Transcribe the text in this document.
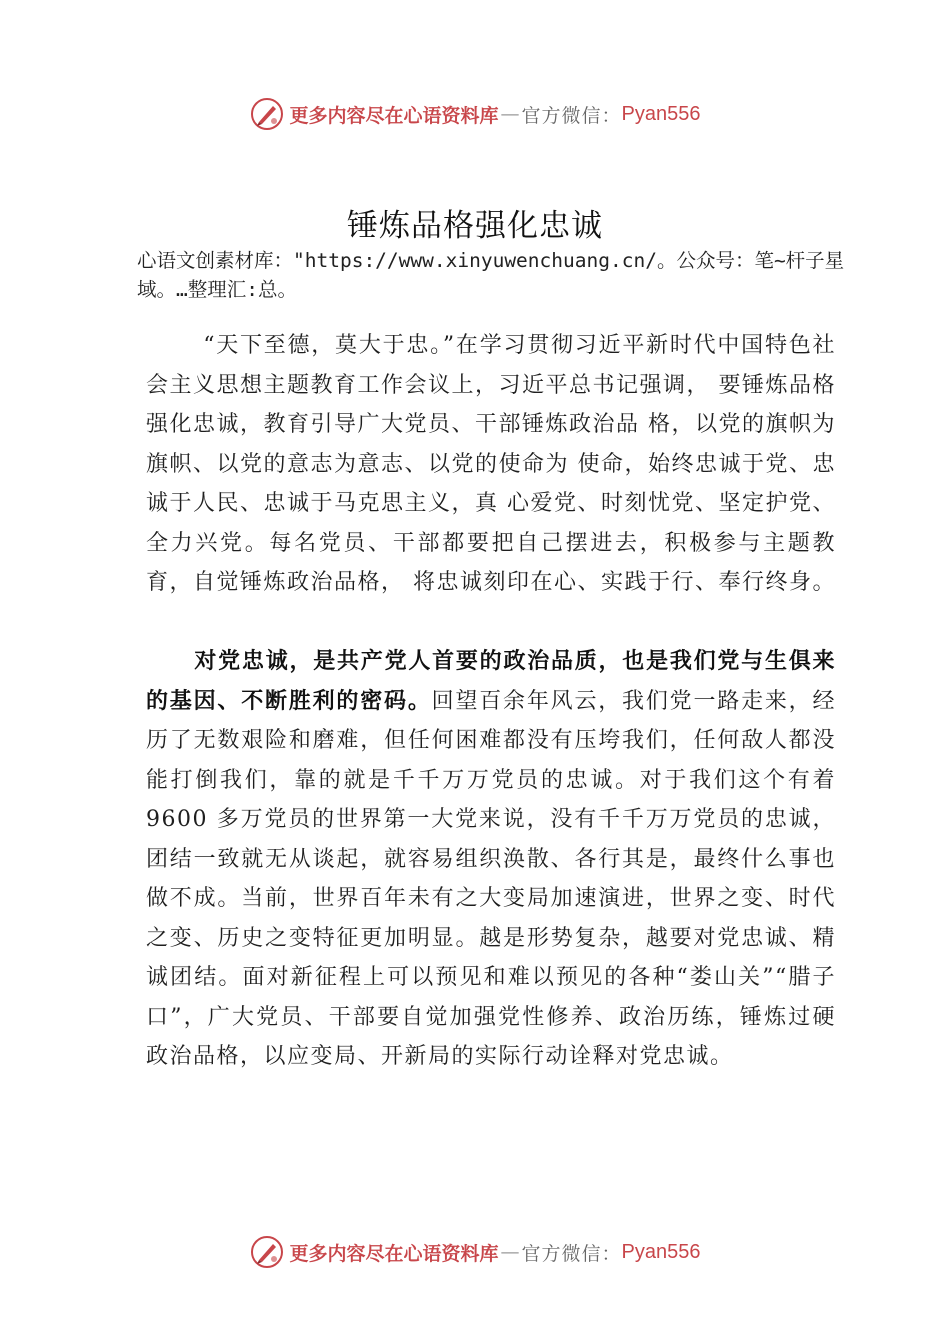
更多内容尽在心语资料库 — 官方微信： Pyan556
锤炼品格强化忠诚
心语文创素材库："https://www.xinyuwenchuang.cn/。公众号：笔~杆子星域。…整理汇:总。
“天下至德，莫大于忠。”在学习贯彻习近平新时代中国特色社会主义思想主题教育工作会议上，习近平总书记强调， 要锤炼品格强化忠诚，教育引导广大党员、干部锤炼政治品 格，以党的旗帜为旗帜、以党的意志为意志、以党的使命为 使命，始终忠诚于党、忠诚于人民、忠诚于马克思主义，真 心爱党、时刻忧党、坚定护党、全力兴党。每名党员、干部都要把自己摆进去，积极参与主题教育，自觉锤炼政治品格， 将忠诚刻印在心、实践于行、奉行终身。
对党忠诚，是共产党人首要的政治品质，也是我们党与生俱来的基因、不断胜利的密码。回望百余年风云，我们党一路走来，经历了无数艰险和磨难，但任何困难都没有压垮我们，任何敌人都没能打倒我们，靠的就是千千万万党员的忠诚。对于我们这个有着 9600 多万党员的世界第一大党来说，没有千千万万党员的忠诚，团结一致就无从谈起，就容易组织涣散、各行其是，最终什么事也做不成。当前，世界百年未有之大变局加速演进，世界之变、时代之变、历史之变特征更加明显。越是形势复杂，越要对党忠诚、精诚团结。面对新征程上可以预见和难以预见的各种“娄山关”“腊子口”，广大党员、干部要自觉加强党性修养、政治历练，锤炼过硬政治品格，以应变局、开新局的实际行动诠释对党忠诚。
更多内容尽在心语资料库 — 官方微信： Pyan556
